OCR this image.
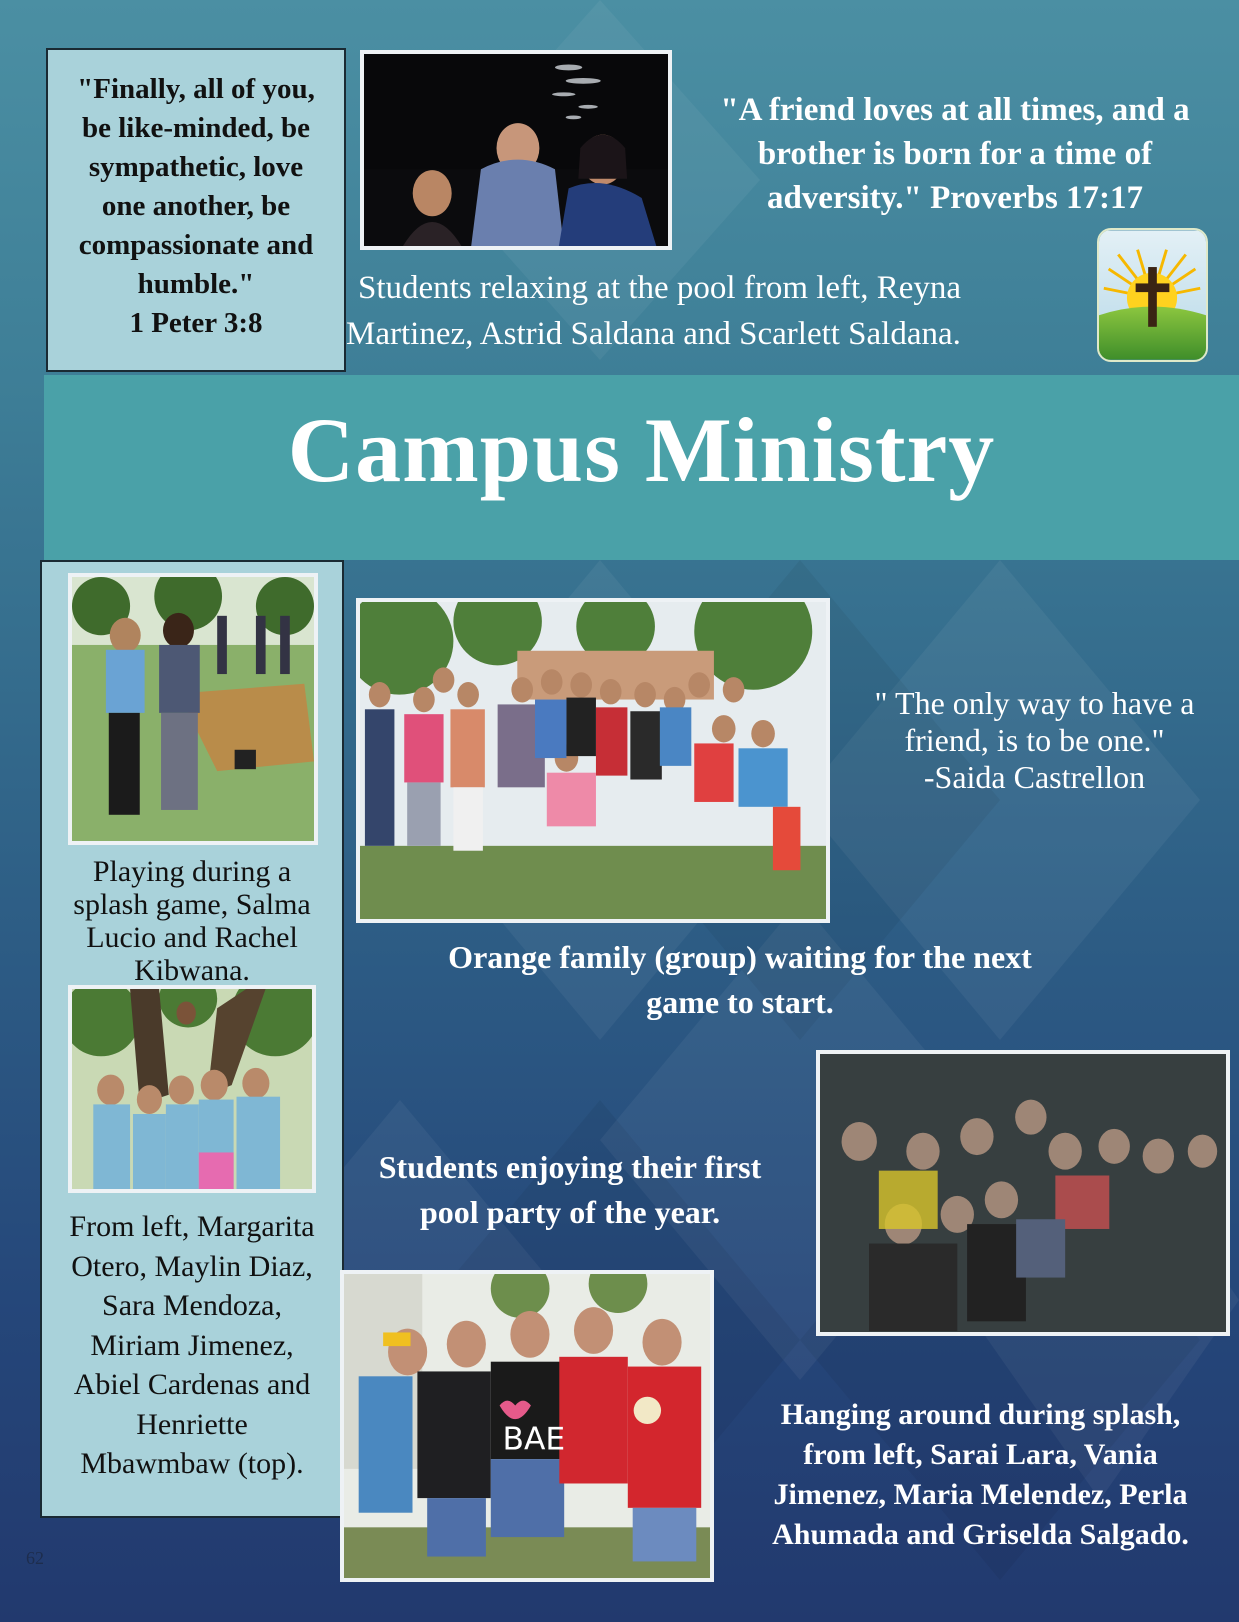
"Finally, all of you,
be like-minded, be
sympathetic, love
one another, be
compassionate and
humble."
1 Peter 3:8
"A friend loves at all times, and a
brother is born for a time of
adversity." Proverbs 17:17
Students relaxing at the pool from left, Reyna
Martinez, Astrid Saldana and Scarlett Saldana.
Campus Ministry
Playing during a
splash game, Salma
Lucio and Rachel
Kibwana.
From left, Margarita
Otero, Maylin Diaz,
Sara Mendoza,
Miriam Jimenez,
Abiel Cardenas and
Henriette
Mbawmbaw (top).
" The only way to have a
friend, is to be one."
-Saida Castrellon
Orange family (group) waiting for the next
game to start.
Students enjoying their first
pool party of the year.
BAE
Hanging around during splash,
from left, Sarai Lara, Vania
Jimenez, Maria Melendez, Perla
Ahumada and Griselda Salgado.
62
